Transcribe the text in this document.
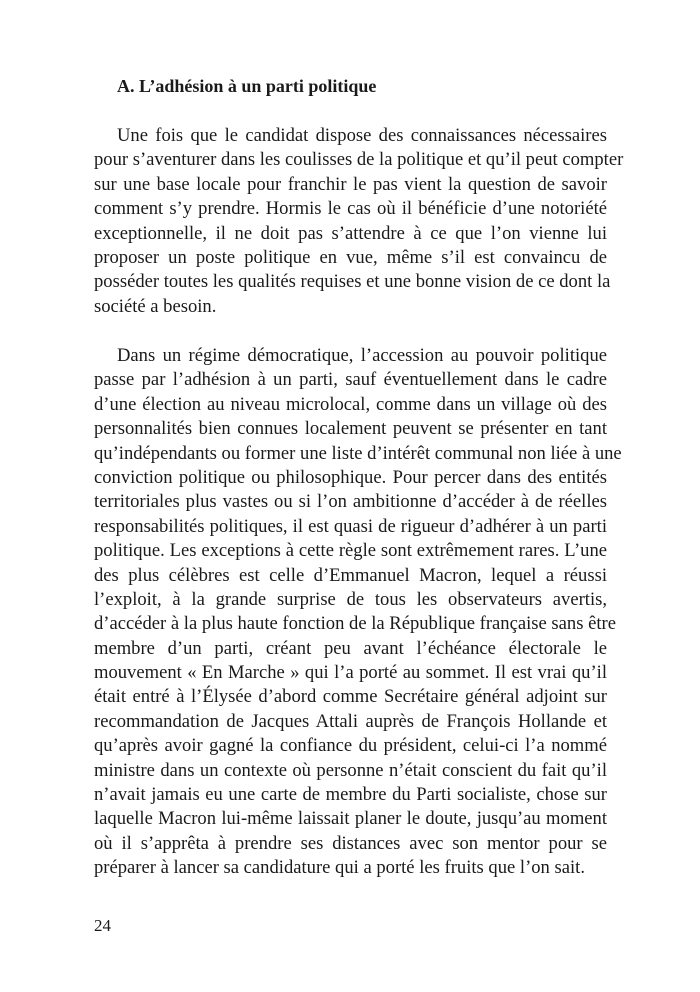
A. L’adhésion à un parti politique
Une fois que le candidat dispose des connaissances nécessaires
pour s’aventurer dans les coulisses de la politique et qu’il peut compter
sur une base locale pour franchir le pas vient la question de savoir
comment s’y prendre. Hormis le cas où il bénéficie d’une notoriété
exceptionnelle, il ne doit pas s’attendre à ce que l’on vienne lui
proposer un poste politique en vue, même s’il est convaincu de
posséder toutes les qualités requises et une bonne vision de ce dont la
société a besoin.
Dans un régime démocratique, l’accession au pouvoir politique
passe par l’adhésion à un parti, sauf éventuellement dans le cadre
d’une élection au niveau microlocal, comme dans un village où des
personnalités bien connues localement peuvent se présenter en tant
qu’indépendants ou former une liste d’intérêt communal non liée à une
conviction politique ou philosophique. Pour percer dans des entités
territoriales plus vastes ou si l’on ambitionne d’accéder à de réelles
responsabilités politiques, il est quasi de rigueur d’adhérer à un parti
politique. Les exceptions à cette règle sont extrêmement rares. L’une
des plus célèbres est celle d’Emmanuel Macron, lequel a réussi
l’exploit, à la grande surprise de tous les observateurs avertis,
d’accéder à la plus haute fonction de la République française sans être
membre d’un parti, créant peu avant l’échéance électorale le
mouvement « En Marche » qui l’a porté au sommet. Il est vrai qu’il
était entré à l’Élysée d’abord comme Secrétaire général adjoint sur
recommandation de Jacques Attali auprès de François Hollande et
qu’après avoir gagné la confiance du président, celui-ci l’a nommé
ministre dans un contexte où personne n’était conscient du fait qu’il
n’avait jamais eu une carte de membre du Parti socialiste, chose sur
laquelle Macron lui-même laissait planer le doute, jusqu’au moment
où il s’apprêta à prendre ses distances avec son mentor pour se
préparer à lancer sa candidature qui a porté les fruits que l’on sait.
24
